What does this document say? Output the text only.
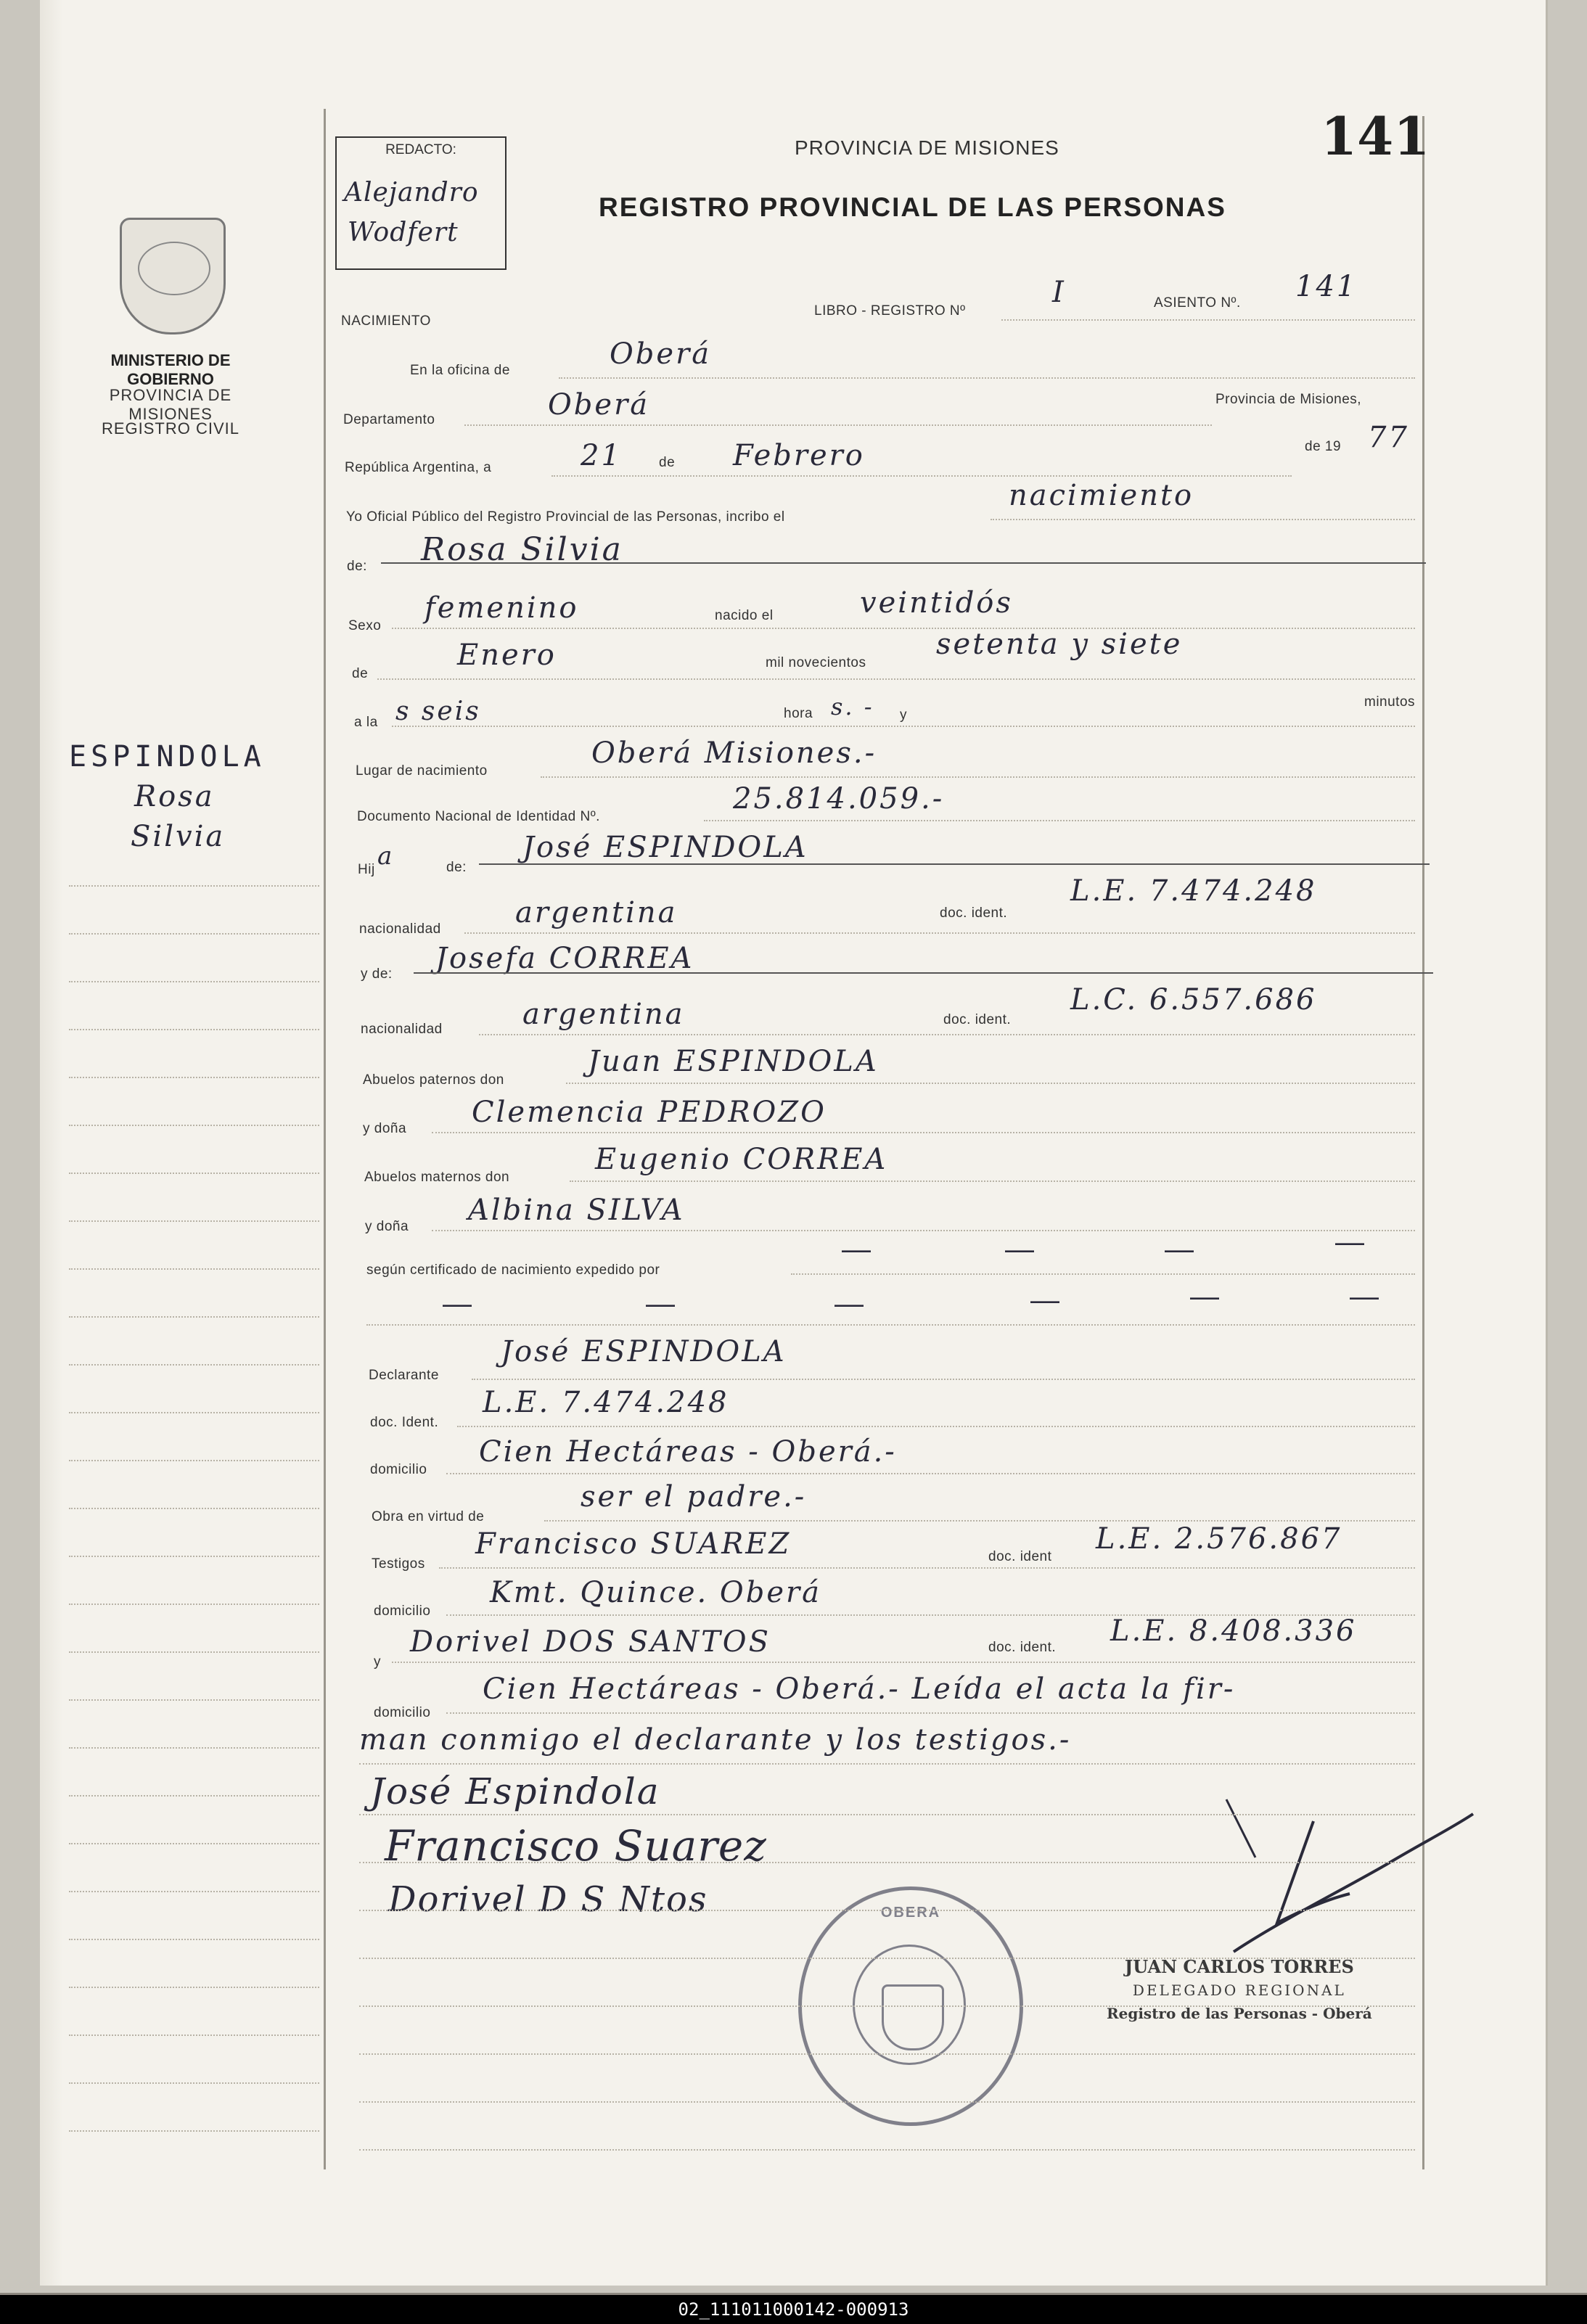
141
MINISTERIO DE GOBIERNO
PROVINCIA DE MISIONES
REGISTRO CIVIL
REDACTO:
Alejandro
Wodfert
PROVINCIA DE MISIONES
REGISTRO PROVINCIAL DE LAS PERSONAS
NACIMIENTO
LIBRO - REGISTRO Nº
I	ASIENTO Nº. 141
ESPINDOLA
Rosa
Silvia
En la oficina de	Oberá
Departamento	Oberá	Provincia de Misiones,
República Argentina, a	21	de Febrero	de 19 77
Yo Oficial Público del Registro Provincial de las Personas, incribo el
nacimiento
de: Rosa Silvia
Sexo
femenino	nacido el	veintidós
de
Enero	mil novecientos
setenta y siete
a la s seis	hora s. - y
minutos
Lugar de nacimiento
Oberá Misiones.-
Documento Nacional de Identidad Nº.
25.814.059.-
Hij a	de:
José ESPINDOLA
nacionalidad	argentina	doc. ident.
L.E. 7.474.248
y de: Josefa CORREA
nacionalidad	argentina	doc. ident.
L.C. 6.557.686
Abuelos paternos don
Juan ESPINDOLA
y doña Clemencia PEDROZO
Abuelos maternos don
Eugenio CORREA
y doña Albina SILVA
según certificado de nacimiento expedido por
—	—	—	—
—	—	—	—	—	—
Declarante
José ESPINDOLA
doc. Ident.
L.E. 7.474.248
domicilio
Cien Hectáreas - Oberá.-
Obra en virtud de
ser el padre.-
Testigos
Francisco SUAREZ	doc. ident
L.E. 2.576.867
domicilio
Kmt. Quince. Oberá
y
Dorivel DOS SANTOS	doc. ident. L.E. 8.408.336
domicilio
Cien Hectáreas - Oberá.- Leída el acta la fir-
man conmigo el declarante y los testigos.-
José Espindola
Francisco Suarez
Dorivel D S Ntos	OBERA
JUAN CARLOS TORRES
DELEGADO REGIONAL
Registro de las Personas - Oberá
02_111011000142-000913
